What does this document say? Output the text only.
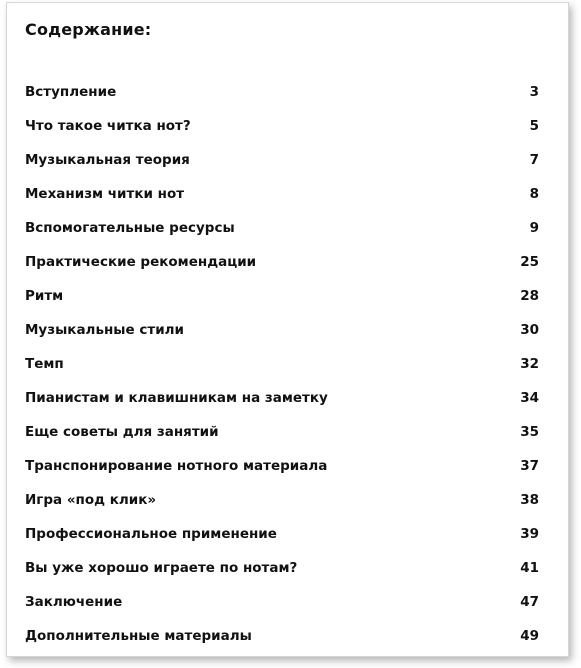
Содержание:
Вступление	3
Что такое читка нот?	5
Музыкальная теория	7
Механизм читки нот	8
Вспомогательные ресурсы	9
Практические рекомендации	25
Ритм	28
Музыкальные стили	30
Темп	32
Пианистам и клавишникам на заметку	34
Еще советы для занятий	35
Транспонирование нотного материала	37
Игра «под клик»	38
Профессиональное применение	39
Вы уже хорошо играете по нотам?	41
Заключение	47
Дополнительные материалы	49
